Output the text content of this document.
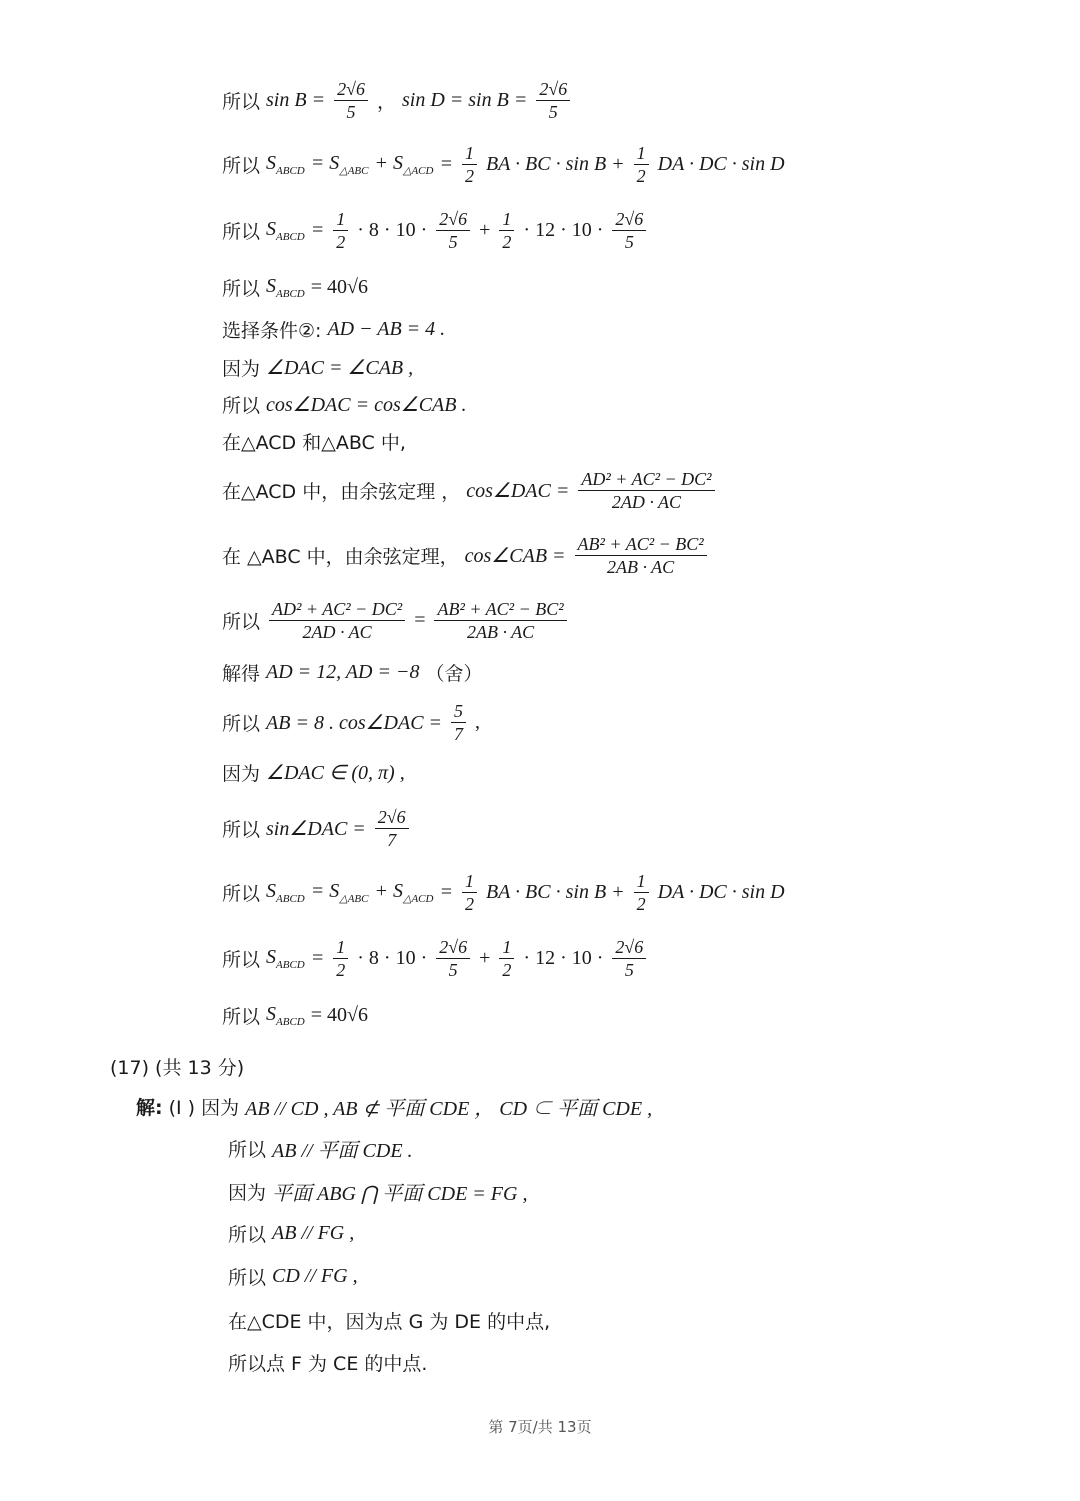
所以 $\sin B = \frac{2√6}{5}$ ， $\sin D = \sin B = \frac{2√6}{5}$
所以 $S_{ABCD} = S_{\triangle ABC} + S_{\triangle ACD} = \frac{1}{2}$ BA · BC · $\sin B + \frac{1}{2}$ DA · DC · sin D
所以 $S_{ABCD} = \frac{1}{2} \cdot 8 \cdot 10 \cdot \frac{2√6}{5} + \frac{1}{2} \cdot 12 \cdot 10 \cdot \frac{2√6}{5}$
所以 $S_{ABCD} = 40√6$
选择条件②: AD − AB = 4 .
因为 ∠DAC = ∠CAB ,
所以 cos∠DAC = cos∠CAB .
在△ACD 和△ABC 中,
在△ACD 中，由余弦定理 ， cos∠DAC = $\frac{\text{AD² + AC² − DC²}}{2AD \cdot AC}$
在 △ABC 中，由余弦定理， cos∠CAB = $\frac{\text{AB² + AC² − BC²}}{2AB \cdot AC}$
所以 $\frac{\text{AD² + AC² − DC²}}{2AD \cdot AC} = \frac{\text{AB² + AC² − BC²}}{2AB \cdot AC}$
解得 AD = 12, AD = −8 （舍）
所以 AB = 8 . cos∠DAC = $\frac{5}{7}$ ,
因为 ∠DAC ∈ (0, π) ,
所以 sin∠DAC = $\frac{2√6}{7}$
所以 $S_{ABCD} = S_{\triangle ABC} + S_{\triangle ACD} = \frac{1}{2}$ BA · BC · $\sin B + \frac{1}{2}$ DA · DC · sin D
所以 $S_{ABCD} = \frac{1}{2} \cdot 8 \cdot 10 \cdot \frac{2√6}{5} + \frac{1}{2} \cdot 12 \cdot 10 \cdot \frac{2√6}{5}$
所以 $S_{ABCD} = 40√6$
(17) (共 13 分)
解: (Ⅰ ) 因为 AB // CD , AB ⊄ 平面 CDE ， CD ⊂ 平面 CDE ,
所以 AB // 平面 CDE .
因为 平面 ABG ⋂ 平面 CDE = FG ,
所以 AB // FG ,
所以 CD // FG ,
在△CDE 中，因为点 G 为 DE 的中点,
所以点 F 为 CE 的中点.
第 7页/共 13页
